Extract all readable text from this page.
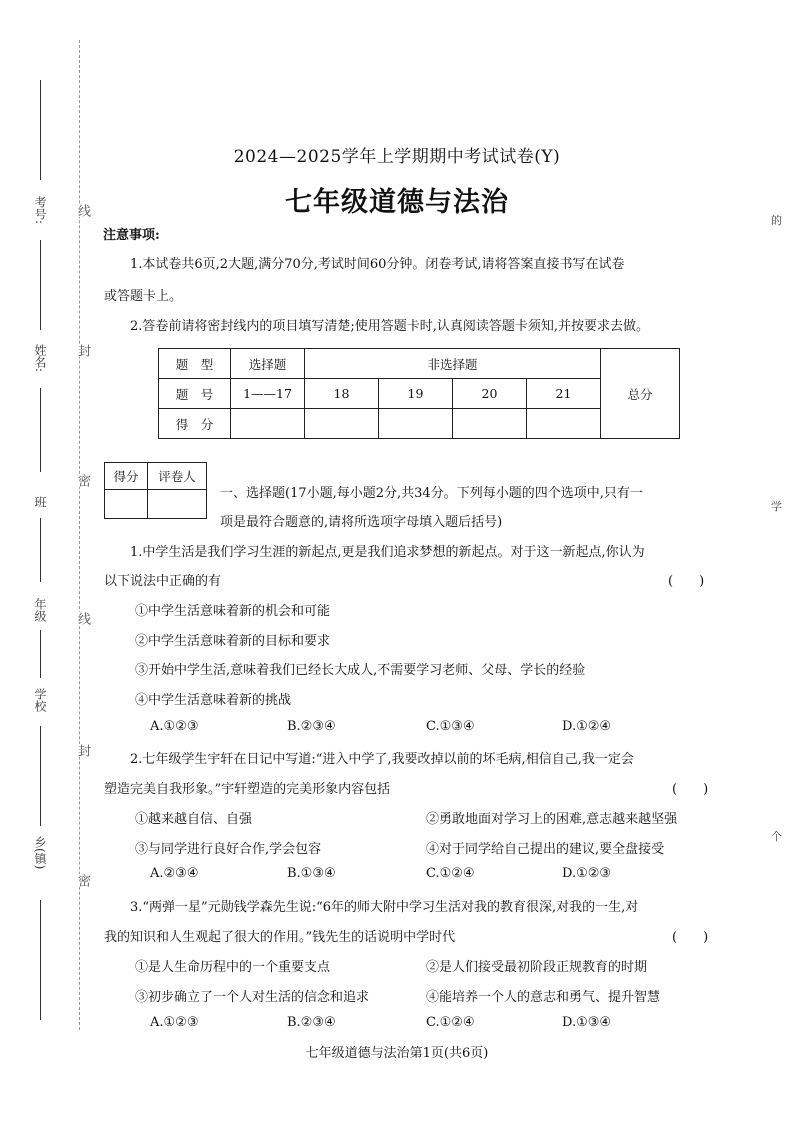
线
封
密
线
封
密
考号:
姓名:
班
年级
学校
乡(镇)
的
学
个
2024—2025学年上学期期中考试试卷(Y)
七年级道德与法治
注意事项:
1.本试卷共6页,2大题,满分70分,考试时间60分钟。闭卷考试,请将答案直接书写在试卷
或答题卡上。
2.答卷前请将密封线内的项目填写清楚;使用答题卡时,认真阅读答题卡须知,并按要求去做。
题　型	选择题	非选择题				总分
题　号	1——17	18	19	20	21	
得　分						
得分	评卷人

一、选择题(17小题,每小题2分,共34分。下列每小题的四个选项中,只有一
项是最符合题意的,请将所选项字母填入题后括号)
1.中学生活是我们学习生涯的新起点,更是我们追求梦想的新起点。对于这一新起点,你认为
以下说法中正确的有	(　　)
①中学生活意味着新的机会和可能
②中学生活意味着新的目标和要求
③开始中学生活,意味着我们已经长大成人,不需要学习老师、父母、学长的经验
④中学生活意味着新的挑战
A.①②③	B.②③④	C.①③④	D.①②④
2.七年级学生宇轩在日记中写道:“进入中学了,我要改掉以前的坏毛病,相信自己,我一定会
塑造完美自我形象。”宇轩塑造的完美形象内容包括	(　　)
①越来越自信、自强	②勇敢地面对学习上的困难,意志越来越坚强
③与同学进行良好合作,学会包容	④对于同学给自己提出的建议,要全盘接受
A.②③④	B.①③④	C.①②④	D.①②③
3.“两弹一星”元勋钱学森先生说:“6年的师大附中学习生活对我的教育很深,对我的一生,对
我的知识和人生观起了很大的作用。”钱先生的话说明中学时代	(　　)
①是人生命历程中的一个重要支点	②是人们接受最初阶段正规教育的时期
③初步确立了一个人对生活的信念和追求	④能培养一个人的意志和勇气、提升智慧
A.①②③	B.②③④	C.①②④	D.①③④
七年级道德与法治第1页(共6页)
